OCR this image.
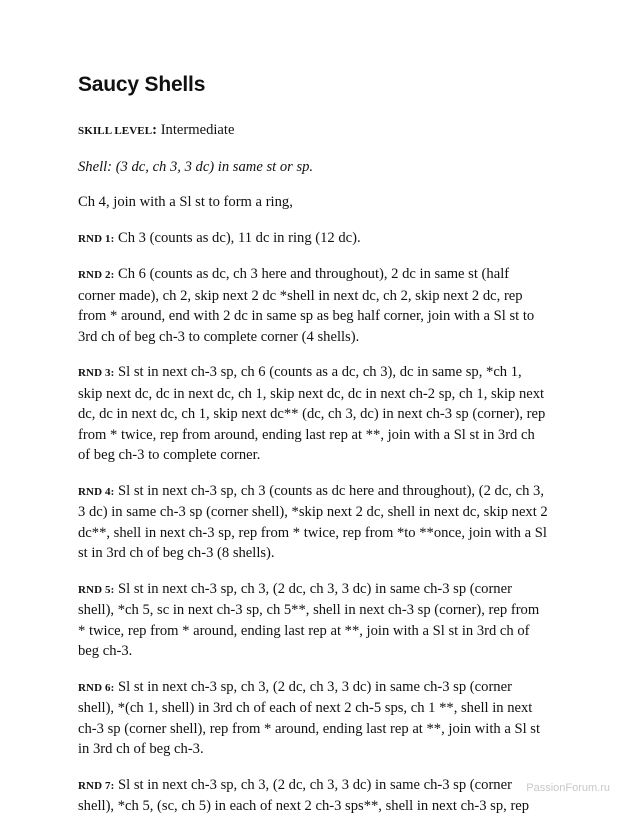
Saucy Shells

SKILL LEVEL: Intermediate

Shell: (3 dc, ch 3, 3 dc) in same st or sp.

Ch 4, join with a Sl st to form a ring,

RND 1: Ch 3 (counts as dc), 11 dc in ring (12 dc).

RND 2: Ch 6 (counts as dc, ch 3 here and throughout), 2 dc in same st (half corner made), ch 2, skip next 2 dc *shell in next dc, ch 2, skip next 2 dc, rep from * around, end with 2 dc in same sp as beg half corner, join with a Sl st to 3rd ch of beg ch-3 to complete corner (4 shells).

RND 3: Sl st in next ch-3 sp, ch 6 (counts as a dc, ch 3), dc in same sp, *ch 1, skip next dc, dc in next dc, ch 1, skip next dc, dc in next ch-2 sp, ch 1, skip next dc, dc in next dc, ch 1, skip next dc** (dc, ch 3, dc) in next ch-3 sp (corner), rep from * twice, rep from around, ending last rep at **, join with a Sl st in 3rd ch of beg ch-3 to complete corner.

RND 4: Sl st in next ch-3 sp, ch 3 (counts as dc here and throughout), (2 dc, ch 3, 3 dc) in same ch-3 sp (corner shell), *skip next 2 dc, shell in next dc, skip next 2 dc**, shell in next ch-3 sp, rep from * twice, rep from *to **once, join with a Sl st in 3rd ch of beg ch-3 (8 shells).

RND 5: Sl st in next ch-3 sp, ch 3, (2 dc, ch 3, 3 dc) in same ch-3 sp (corner shell), *ch 5, sc in next ch-3 sp, ch 5**, shell in next ch-3 sp (corner), rep from * twice, rep from * around, ending last rep at **, join with a Sl st in 3rd ch of beg ch-3.

RND 6: Sl st in next ch-3 sp, ch 3, (2 dc, ch 3, 3 dc) in same ch-3 sp (corner shell), *(ch 1, shell) in 3rd ch of each of next 2 ch-5 sps, ch 1 **, shell in next ch-3 sp (corner shell), rep from * around, ending last rep at **, join with a Sl st in 3rd ch of beg ch-3.

RND 7: Sl st in next ch-3 sp, ch 3, (2 dc, ch 3, 3 dc) in same ch-3 sp (corner shell), *ch 5, (sc, ch 5) in each of next 2 ch-3 sps**, shell in next ch-3 sp, rep

PassionForum.ru
